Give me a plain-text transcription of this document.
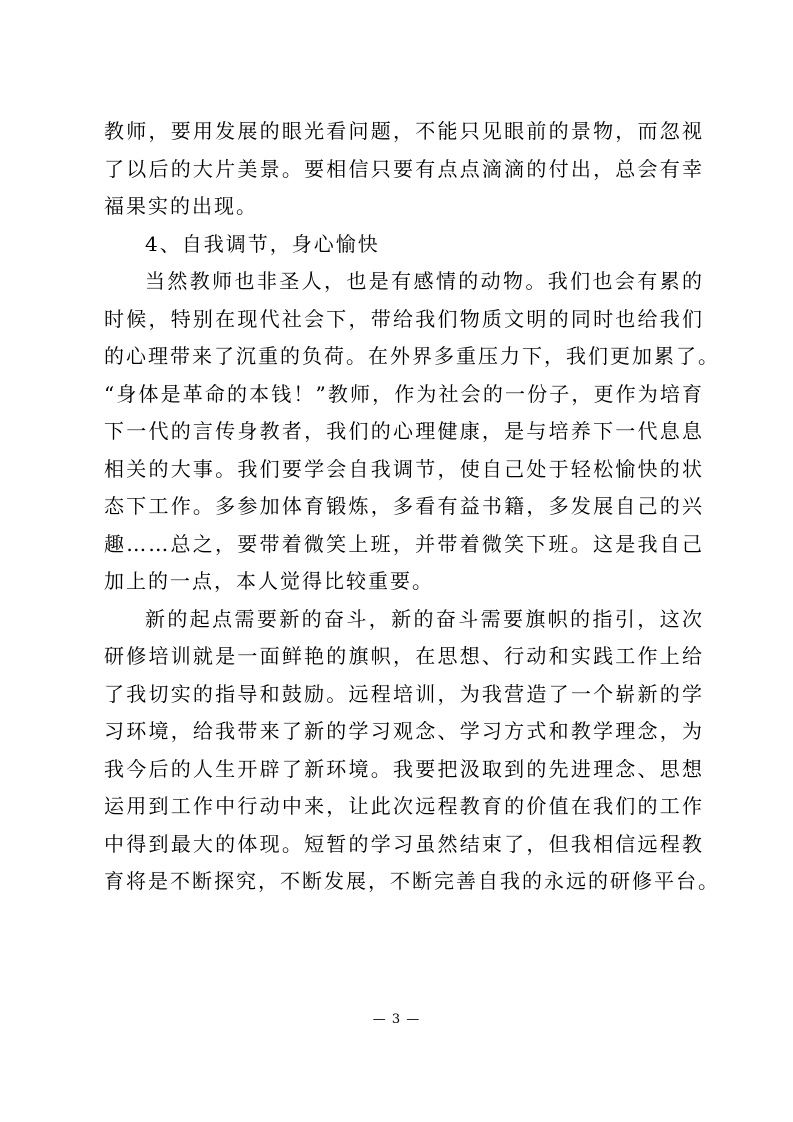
教师，要用发展的眼光看问题，不能只见眼前的景物，而忽视
了以后的大片美景。要相信只要有点点滴滴的付出，总会有幸
福果实的出现。
4、自我调节，身心愉快
当然教师也非圣人，也是有感情的动物。我们也会有累的
时候，特别在现代社会下，带给我们物质文明的同时也给我们
的心理带来了沉重的负荷。在外界多重压力下，我们更加累了。
“身体是革命的本钱！”教师，作为社会的一份子，更作为培育
下一代的言传身教者，我们的心理健康，是与培养下一代息息
相关的大事。我们要学会自我调节，使自己处于轻松愉快的状
态下工作。多参加体育锻炼，多看有益书籍，多发展自己的兴
趣……总之，要带着微笑上班，并带着微笑下班。这是我自己
加上的一点，本人觉得比较重要。
新的起点需要新的奋斗，新的奋斗需要旗帜的指引，这次
研修培训就是一面鲜艳的旗帜，在思想、行动和实践工作上给
了我切实的指导和鼓励。远程培训，为我营造了一个崭新的学
习环境，给我带来了新的学习观念、学习方式和教学理念，为
我今后的人生开辟了新环境。我要把汲取到的先进理念、思想
运用到工作中行动中来，让此次远程教育的价值在我们的工作
中得到最大的体现。短暂的学习虽然结束了，但我相信远程教
育将是不断探究，不断发展，不断完善自我的永远的研修平台。
— 3 —
